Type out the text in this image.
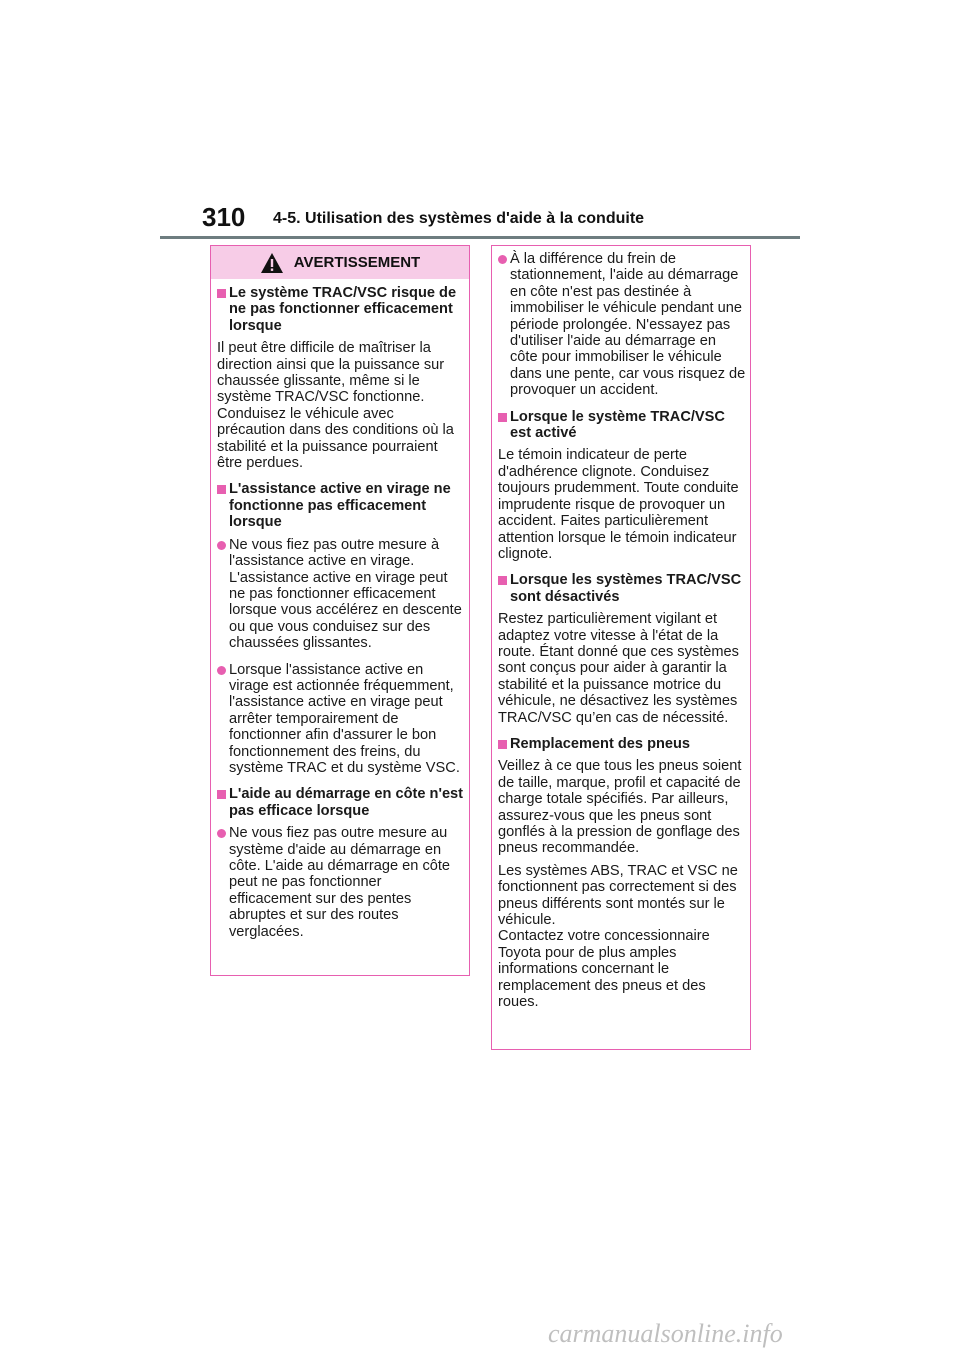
310 4-5. Utilisation des systèmes d'aide à la conduite
AVERTISSEMENT
Le système TRAC/VSC risque de ne pas fonctionner efficacement lorsque
Il peut être difficile de maîtriser la direction ainsi que la puissance sur chaussée glissante, même si le système TRAC/VSC fonctionne. Conduisez le véhicule avec précaution dans des conditions où la stabilité et la puissance pourraient être perdues.
L'assistance active en virage ne fonctionne pas efficacement lorsque
Ne vous fiez pas outre mesure à l'assistance active en virage. L'assistance active en virage peut ne pas fonctionner efficacement lorsque vous accélérez en descente ou que vous conduisez sur des chaussées glissantes.
Lorsque l'assistance active en virage est actionnée fréquemment, l'assistance active en virage peut arrêter temporairement de fonctionner afin d'assurer le bon fonctionnement des freins, du système TRAC et du système VSC.
L'aide au démarrage en côte n'est pas efficace lorsque
Ne vous fiez pas outre mesure au système d'aide au démarrage en côte. L'aide au démarrage en côte peut ne pas fonctionner efficacement sur des pentes abruptes et sur des routes verglacées.
À la différence du frein de stationnement, l'aide au démarrage en côte n'est pas destinée à immobiliser le véhicule pendant une période prolongée. N'essayez pas d'utiliser l'aide au démarrage en côte pour immobiliser le véhicule dans une pente, car vous risquez de provoquer un accident.
Lorsque le système TRAC/VSC est activé
Le témoin indicateur de perte d'adhérence clignote. Conduisez toujours prudemment. Toute conduite imprudente risque de provoquer un accident. Faites particulièrement attention lorsque le témoin indicateur clignote.
Lorsque les systèmes TRAC/VSC sont désactivés
Restez particulièrement vigilant et adaptez votre vitesse à l'état de la route. Étant donné que ces systèmes sont conçus pour aider à garantir la stabilité et la puissance motrice du véhicule, ne désactivez les systèmes TRAC/VSC qu’en cas de nécessité.
Remplacement des pneus
Veillez à ce que tous les pneus soient de taille, marque, profil et capacité de charge totale spécifiés. Par ailleurs, assurez-vous que les pneus sont gonflés à la pression de gonflage des pneus recommandée.
Les systèmes ABS, TRAC et VSC ne fonctionnent pas correctement si des pneus différents sont montés sur le véhicule.
Contactez votre concessionnaire Toyota pour de plus amples informations concernant le remplacement des pneus et des roues.
carmanualsonline.info
